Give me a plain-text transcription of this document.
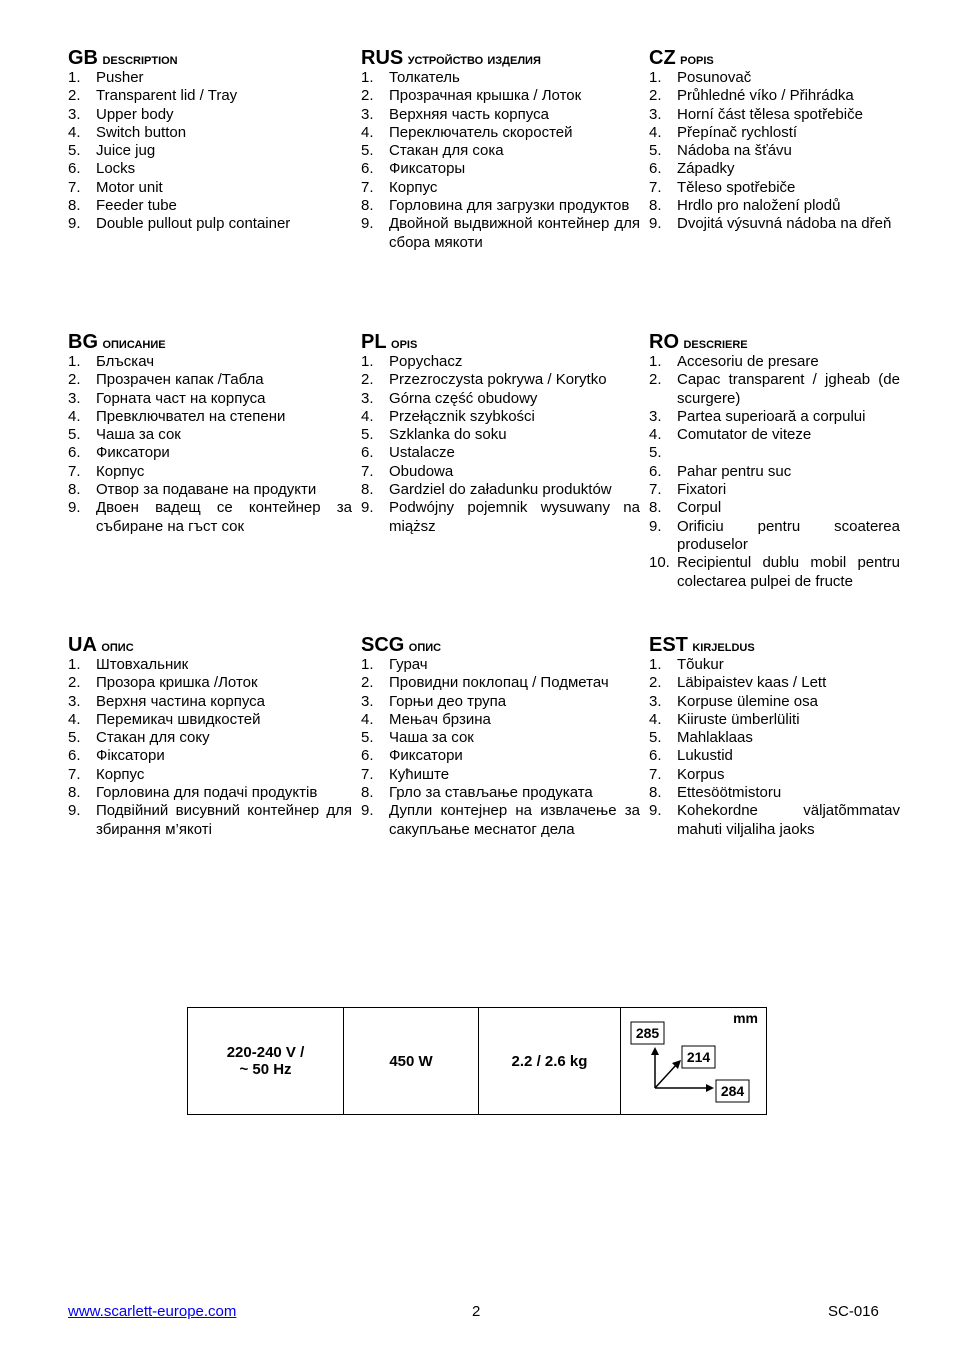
GB description
1. Pusher
2. Transparent lid / Tray
3. Upper body
4. Switch button
5. Juice jug
6. Locks
7. Motor unit
8. Feeder tube
9. Double pullout pulp container
RUS устройство изделия
1. Толкатель
2. Прозрачная крышка / Лоток
3. Верхняя часть корпуса
4. Переключатель скоростей
5. Стакан для сока
6. Фиксаторы
7. Корпус
8. Горловина для загрузки продуктов
9. Двойной выдвижной контейнер для сбора мякоти
CZ popis
1. Posunovač
2. Průhledné víko / Přihrádka
3. Horní část tělesa spotřebiče
4. Přepínač rychlostí
5. Nádoba na šťávu
6. Západky
7. Těleso spotřebiče
8. Hrdlo pro naložení plodů
9. Dvojitá výsuvná nádoba na dřeň
BG описание
1. Блъскач
2. Прозрачен капак /Табла
3. Горната част на корпуса
4. Превключвател на степени
5. Чаша за сок
6. Фиксатори
7. Корпус
8. Отвор за подаване на продукти
9. Двоен вадещ се контейнер за събиране на гъст сок
PL opis
1. Popychacz
2. Przezroczysta pokrywa / Korytko
3. Górna część obudowy
4. Przełącznik szybkości
5. Szklanka do soku
6. Ustalacze
7. Obudowa
8. Gardziel do załadunku produktów
9. Podwójny pojemnik wysuwany na miąższ
RO descriere
1. Accesoriu de presare
2. Capac transparent / jgheab (de scurgere)
3. Partea superioară a corpului
4. Comutator de viteze
5.
6. Pahar pentru suc
7. Fixatori
8. Corpul
9. Orificiu pentru scoaterea produselor
10. Recipientul dublu mobil pentru colectarea pulpei de fructe
UA опис
1. Штовхальник
2. Прозора кришка /Лоток
3. Верхня частина корпуса
4. Перемикач швидкостей
5. Стакан для соку
6. Фіксатори
7. Корпус
8. Горловина для подачі продуктів
9. Подвійний висувний контейнер для збирання м’якоті
SCG опис
1. Гурач
2. Провидни поклопац / Подметач
3. Горњи део трупа
4. Мењач брзина
5. Чаша за сок
6. Фиксатори
7. Кућиште
8. Грло за стављање продуката
9. Дупли контејнер на извлачење за сакупљање меснатог дела
EST kirjeldus
1. Tõukur
2. Läbipaistev kaas / Lett
3. Korpuse ülemine osa
4. Kiiruste ümberlüliti
5. Mahlaklaas
6. Lukustid
7. Korpus
8. Ettesöötmistoru
9. Kohekordne väljatõmmatav mahuti viljaliha jaoks
220-240 V /
~ 50 Hz	450 W	2.2 / 2.6 kg	
mm
285
214
284
www.scarlett-europe.com	2	SC-016
